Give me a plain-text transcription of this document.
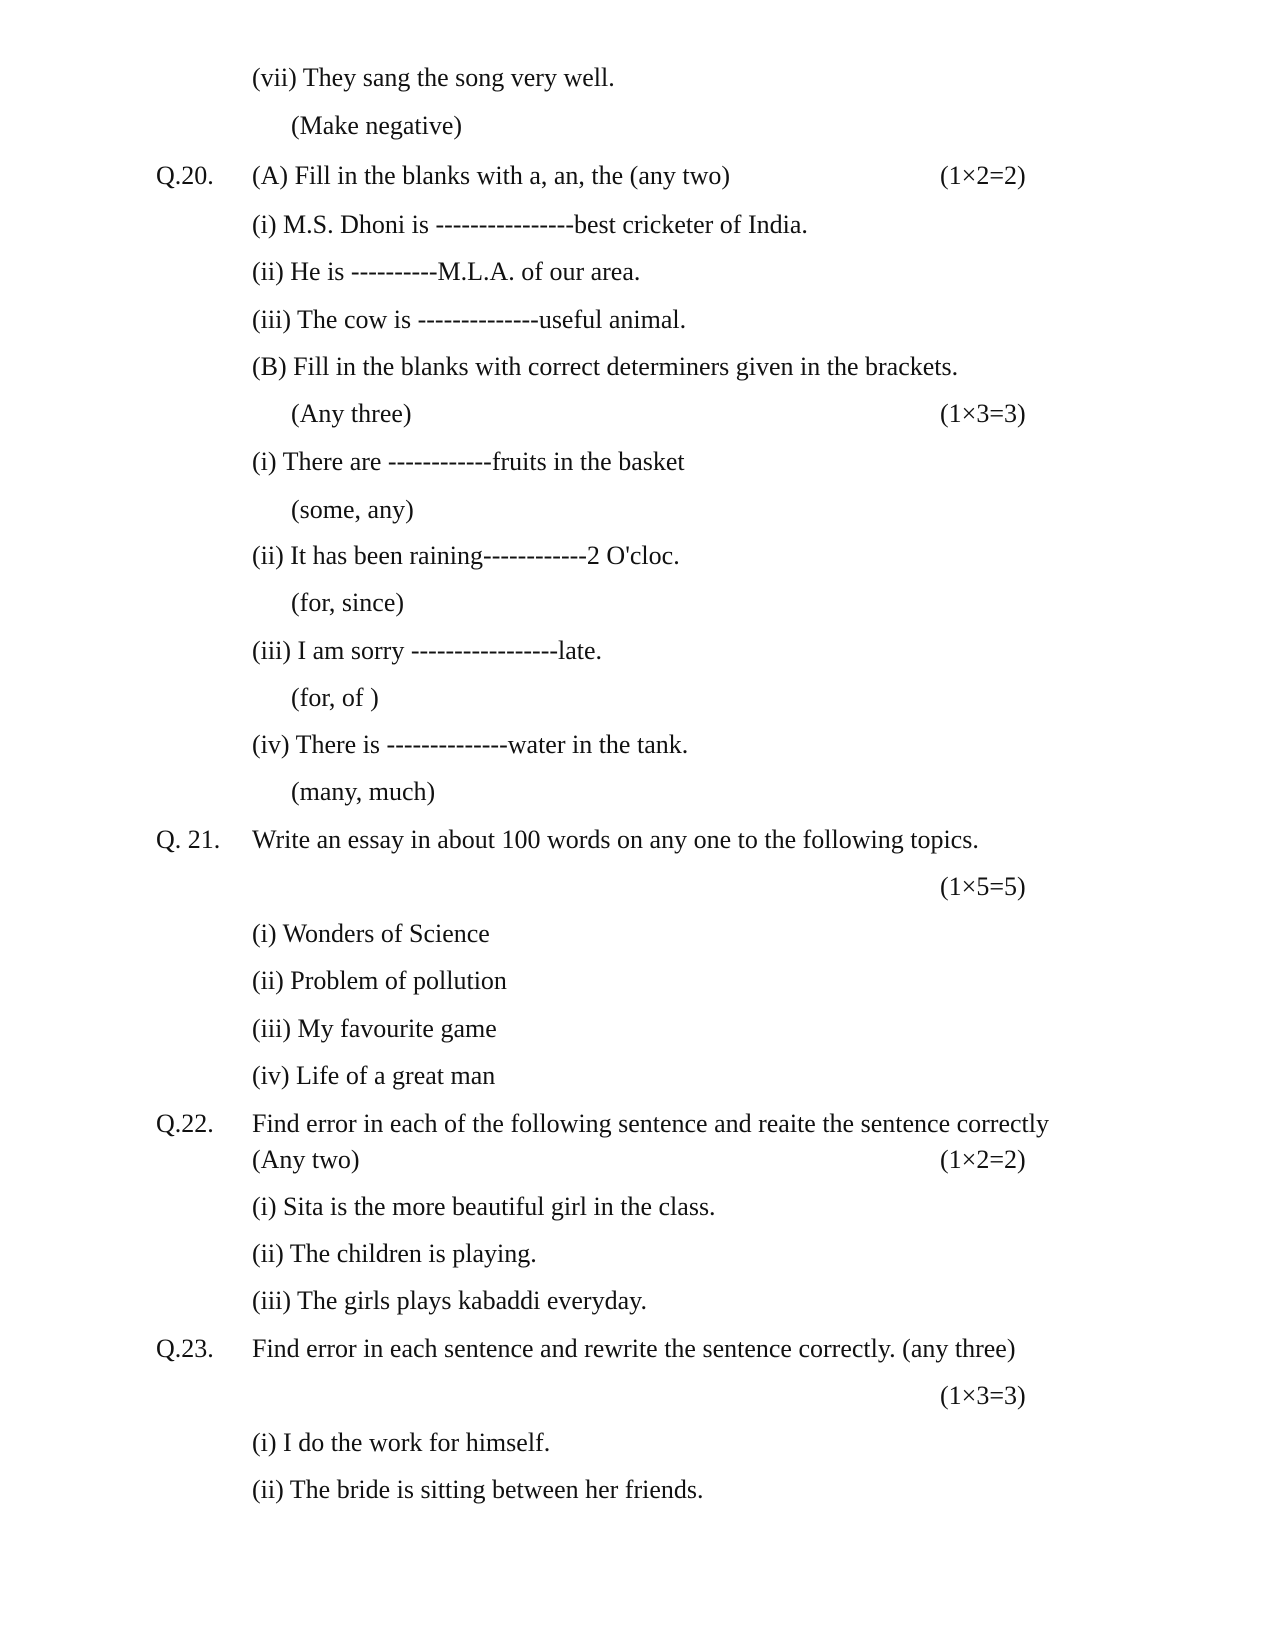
(vii) They sang the song very well.
(Make negative)
Q.20. (A) Fill in the blanks with a, an, the (any two)	(1×2=2)
(i) M.S. Dhoni is ----------------best cricketer of India.
(ii) He is ----------M.L.A. of our area.
(iii) The cow is --------------useful animal.
(B) Fill in the blanks with correct determiners given in the brackets.
(Any three)	(1×3=3)
(i) There are ------------fruits in the basket
(some, any)
(ii) It has been raining------------2 O'cloc.
(for, since)
(iii) I am sorry -----------------late.
(for, of )
(iv) There is --------------water in the tank.
(many, much)
Q. 21. Write an essay in about 100 words on any one to the following topics.
(1×5=5)
(i) Wonders of Science
(ii) Problem of pollution
(iii) My favourite game
(iv) Life of a great man
Q.22. Find error in each of the following sentence and reaite the sentence correctly
(Any two)	(1×2=2)
(i) Sita is the more beautiful girl in the class.
(ii) The children is playing.
(iii) The girls plays kabaddi everyday.
Q.23. Find error in each sentence and rewrite the sentence correctly. (any three)
(1×3=3)
(i) I do the work for himself.
(ii) The bride is sitting between her friends.
